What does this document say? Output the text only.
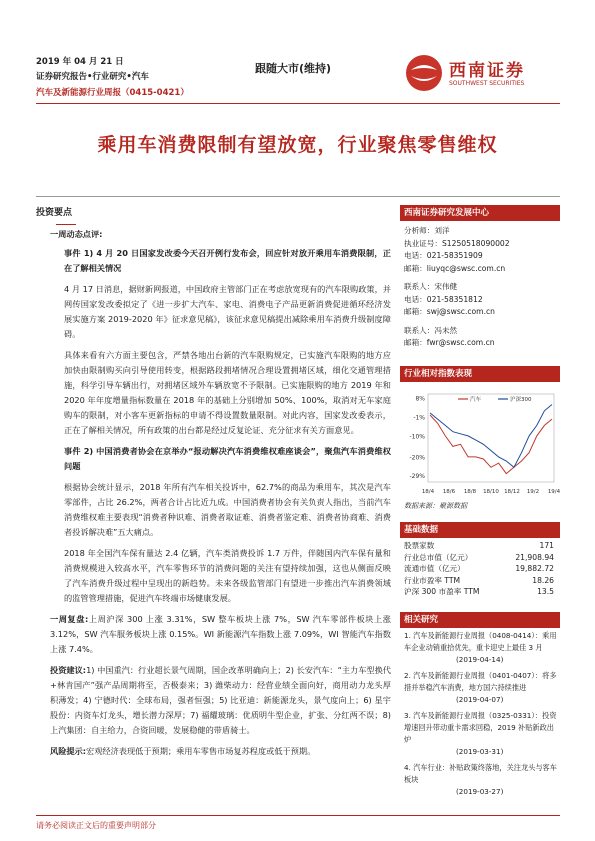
2019 年 04 月 21 日
证券研究报告•行业研究•汽车
汽车及新能源行业周报（0415-0421）
跟随大市(维持)	西南证券
SOUTHWEST SECURITIES
乘用车消费限制有望放宽，行业聚焦零售维权
投资要点
一周动态点评:
事件 1) 4 月 20 日国家发改委今天召开例行发布会，回应针对放开乘用车消费限制，正在了解相关情况
4 月 17 日消息，据财新网报道，中国政府主管部门正在考虑放宽现有的汽车限购政策，并网传国家发改委拟定了《进一步扩大汽车、家电、消费电子产品更新消费促进循环经济发展实施方案 2019-2020 年》征求意见稿》，该征求意见稿提出减除乘用车消费升级制度障碍。
具体来看有六方面主要包含，严禁各地出台新的汽车限购规定，已实施汽车限购的地方应加快由限制购买向引导使用转变，根据路段拥堵情况合理设置拥堵区域，细化交通管理措施，科学引导车辆出行，对拥堵区域外车辆放宽不予限制。已实施限购的地方 2019 年和 2020 年年度增量指标数量在 2018 年的基础上分别增加 50%、100%，取消对无车家庭购车的限制，对小客车更新指标的申请不得设置数量限制。对此内容，国家发改委表示，正在了解相关情况，所有政策的出台都是经过反复论证、充分征求有关方面意见。
事件 2) 中国消费者协会在京举办“报动解决汽车消费维权难座谈会”，聚焦汽车消费维权问题
根据协会统计显示，2018 年所有汽车相关投诉中，62.7%的商品为乘用车，其次是汽车零部件，占比 26.2%，两者合计占比近九成。中国消费者协会有关负责人指出，当前汽车消费维权难主要表现“消费者种识难、消费者取证难、消费者鉴定难、消费者协商难、消费者投诉解决难”五大痛点。
2018 年全国汽车保有量达 2.4 亿辆，汽车类消费投诉 1.7 万件，伴随国内汽车保有量和消费规模进入较高水平，汽车零售环节的消费问题的关注有望持续加强，这也从侧面反映了汽车消费升级过程中呈现出的新趋势。未来各级监管部门有望进一步推出汽车消费领域的监管管理措施，促进汽车终端市场健康发展。
一周复盘:上周沪深 300 上涨 3.31%，SW 整车板块上涨 7%，SW 汽车零部件板块上涨 3.12%，SW 汽车服务板块上涨 0.15%。WI 新能源汽车指数上涨 7.09%，WI 智能汽车指数上涨 7.4%。
投资建议:1) 中国重汽：行业超长景气周期，国企改革明确向上；2) 长安汽车：“主力车型换代+林肯国产”强产品周期将至，否极泰来；3) 潍柴动力：经营业绩全面向好，商用动力龙头厚积薄发；4) 宁德时代：全球布局，强者恒强；5) 比亚迪：新能源龙头，景气度向上；6) 星宇股份：内资车灯龙头，增长潜力深厚；7) 福耀玻璃：优质明牛型企业，扩张、分红两不误；8) 上汽集团：自主给力，合资回暖，发展稳健的带盾骑士。
风险提示:宏观经济表现低于预期；乘用车零售市场复苏程度或低于预期。
西南证券研究发展中心
分析师：刘洋
执业证号：S1250518090002
电话：021-58351909
邮箱：liuyqc@swsc.com.cn
联系人：宋伟健
电话：021-58351812
邮箱：swj@swsc.com.cn
联系人：冯未然
邮箱：fwr@swsc.com.cn
行业相对指数表现
8%
-1%
-10%
-20%
-29%
18/4 18/6 18/8 18/10 18/12 19/2 19/4
汽车	沪深300
数据来源：聚源数据
基础数据
股票家数	171
行业总市值（亿元）	21,908.94
流通市值（亿元）	19,882.72
行业市盈率 TTM	18.26
沪深 300 市盈率 TTM	13.5
相关研究
1. 汽车及新能源行业周报（0408-0414）：乘用车企业动销重拾优先，重卡迎史上最佳 3 月
(2019-04-14)
2. 汽车及新能源行业周报（0401-0407）：将多措并举稳汽车消费，地方国六持续推进
(2019-04-07)
3. 汽车及新能源行业周报（0325-0331）：投资增速回升带动重卡需求回稳，2019 补贴新政出炉
(2019-03-31)
4. 汽车行业：补贴政策终落地，关注龙头与客车板块
(2019-03-27)
请务必阅读正文后的重要声明部分
